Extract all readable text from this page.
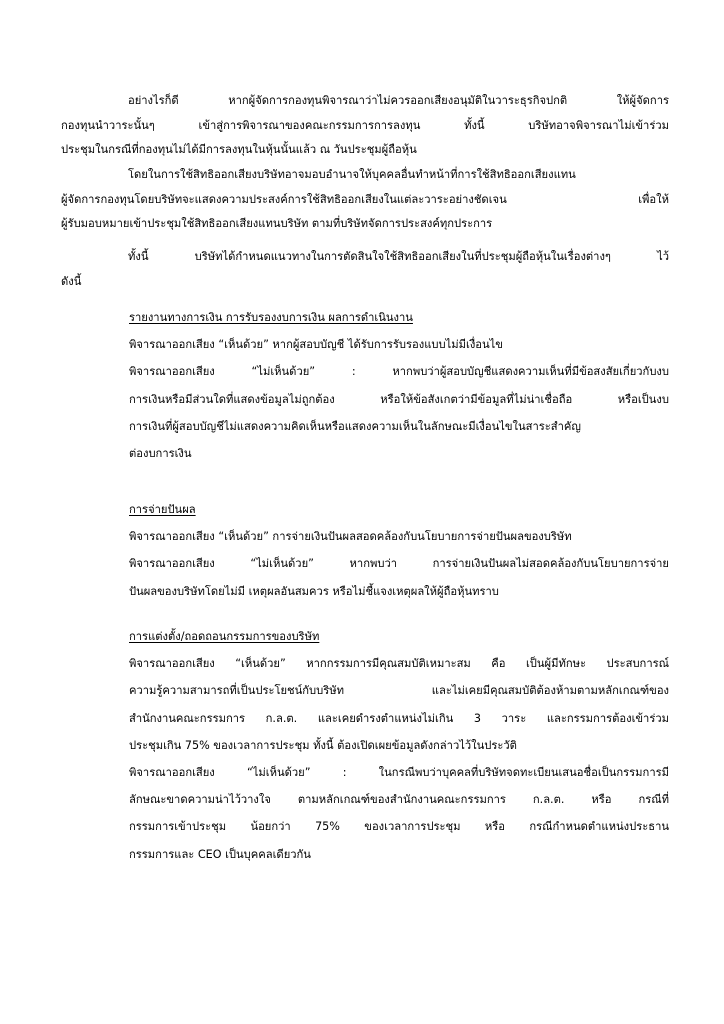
อย่างไรก็ดี หากผู้จัดการกองทุนพิจารณาว่าไม่ควรออกเสียงอนุมัติในวาระธุรกิจปกติ ให้ผู้จัดการ
กองทุนนำวาระนั้นๆ เข้าสู่การพิจารณาของคณะกรรมการการลงทุน ทั้งนี้ บริษัทอาจพิจารณาไม่เข้าร่วม
ประชุมในกรณีที่กองทุนไม่ได้มีการลงทุนในหุ้นนั้นแล้ว ณ วันประชุมผู้ถือหุ้น
โดยในการใช้สิทธิออกเสียงบริษัทอาจมอบอำนาจให้บุคคลอื่นทำหน้าที่การใช้สิทธิออกเสียงแทน
ผู้จัดการกองทุนโดยบริษัทจะแสดงความประสงค์การใช้สิทธิออกเสียงในแต่ละวาระอย่างชัดเจน เพื่อให้
ผู้รับมอบหมายเข้าประชุมใช้สิทธิออกเสียงแทนบริษัท ตามที่บริษัทจัดการประสงค์ทุกประการ
ทั้งนี้ บริษัทได้กำหนดแนวทางในการตัดสินใจใช้สิทธิออกเสียงในที่ประชุมผู้ถือหุ้นในเรื่องต่างๆ ไว้
ดังนี้
รายงานทางการเงิน การรับรองงบการเงิน ผลการดำเนินงาน
พิจารณาออกเสียง “เห็นด้วย” หากผู้สอบบัญชี ได้รับการรับรองแบบไม่มีเงื่อนไข
พิจารณาออกเสียง “ไม่เห็นด้วย” : หากพบว่าผู้สอบบัญชีแสดงความเห็นที่มีข้อสงสัยเกี่ยวกับงบ
การเงินหรือมีส่วนใดที่แสดงข้อมูลไม่ถูกต้อง หรือให้ข้อสังเกตว่ามีข้อมูลที่ไม่น่าเชื่อถือ หรือเป็นงบ
การเงินที่ผู้สอบบัญชีไม่แสดงความคิดเห็นหรือแสดงความเห็นในลักษณะมีเงื่อนไขในสาระสำคัญ
ต่องบการเงิน
การจ่ายปันผล
พิจารณาออกเสียง “เห็นด้วย” การจ่ายเงินปันผลสอดคล้องกับนโยบายการจ่ายปันผลของบริษัท
พิจารณาออกเสียง “ไม่เห็นด้วย” หากพบว่า การจ่ายเงินปันผลไม่สอดคล้องกับนโยบายการจ่าย
ปันผลของบริษัทโดยไม่มี เหตุผลอันสมควร หรือไม่ชี้แจงเหตุผลให้ผู้ถือหุ้นทราบ
การแต่งตั้ง/ถอดถอนกรรมการของบริษัท
พิจารณาออกเสียง “เห็นด้วย” หากกรรมการมีคุณสมบัติเหมาะสม คือ เป็นผู้มีทักษะ ประสบการณ์
ความรู้ความสามารถที่เป็นประโยชน์กับบริษัท และไม่เคยมีคุณสมบัติต้องห้ามตามหลักเกณฑ์ของ
สำนักงานคณะกรรมการ ก.ล.ต. และเคยดำรงตำแหน่งไม่เกิน 3 วาระ และกรรมการต้องเข้าร่วม
ประชุมเกิน 75% ของเวลาการประชุม ทั้งนี้ ต้องเปิดเผยข้อมูลดังกล่าวไว้ในประวัติ
พิจารณาออกเสียง “ไม่เห็นด้วย” : ในกรณีพบว่าบุคคลที่บริษัทจดทะเบียนเสนอชื่อเป็นกรรมการมี
ลักษณะขาดความน่าไว้วางใจ ตามหลักเกณฑ์ของสำนักงานคณะกรรมการ ก.ล.ต. หรือ กรณีที่
กรรมการเข้าประชุม น้อยกว่า 75% ของเวลาการประชุม หรือ กรณีกำหนดตำแหน่งประธาน
กรรมการและ CEO เป็นบุคคลเดียวกัน
